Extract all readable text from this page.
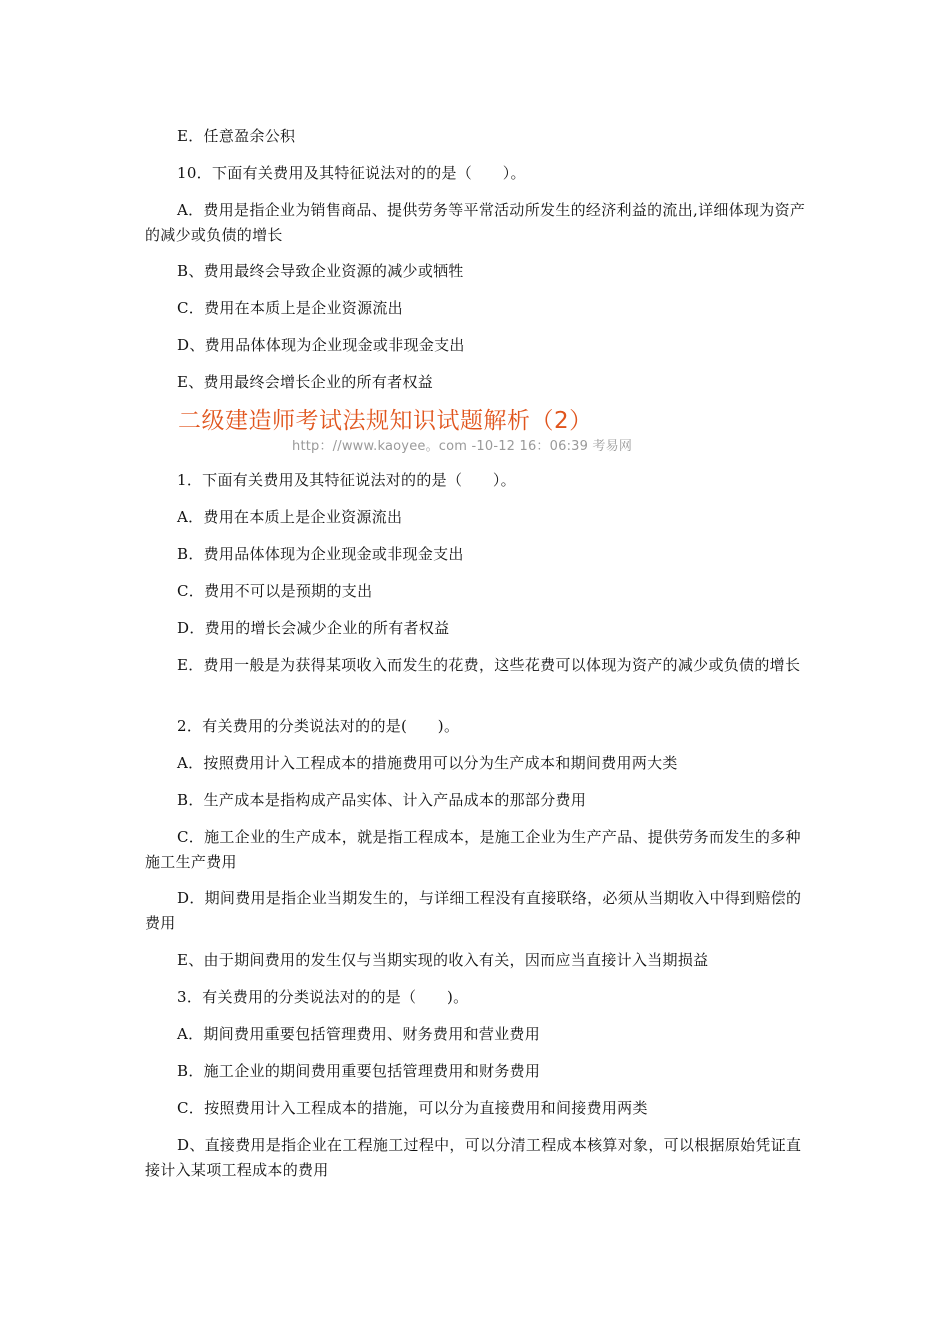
E．任意盈余公积

10．下面有关费用及其特征说法对的的是（　　）。

A．费用是指企业为销售商品、提供劳务等平常活动所发生的经济利益的流出,详细体现为资产的减少或负债的增长

B、费用最终会导致企业资源的减少或牺牲

C．费用在本质上是企业资源流出

D、费用品体体现为企业现金或非现金支出

E、费用最终会增长企业的所有者权益

二级建造师考试法规知识试题解析（2）

http：//www.kaoyee。com -10-12 16：06:39 考易网

1．下面有关费用及其特征说法对的的是（　　）。

A．费用在本质上是企业资源流出

B．费用品体体现为企业现金或非现金支出

C．费用不可以是预期的支出

D．费用的增长会减少企业的所有者权益

E．费用一般是为获得某项收入而发生的花费，这些花费可以体现为资产的减少或负债的增长

2．有关费用的分类说法对的的是(　　)。

A．按照费用计入工程成本的措施费用可以分为生产成本和期间费用两大类

B．生产成本是指构成产品实体、计入产品成本的那部分费用

C．施工企业的生产成本，就是指工程成本，是施工企业为生产产品、提供劳务而发生的多种施工生产费用

D．期间费用是指企业当期发生的，与详细工程没有直接联络，必须从当期收入中得到赔偿的费用

E、由于期间费用的发生仅与当期实现的收入有关，因而应当直接计入当期损益

3．有关费用的分类说法对的的是（　　)。

A．期间费用重要包括管理费用、财务费用和营业费用

B．施工企业的期间费用重要包括管理费用和财务费用

C．按照费用计入工程成本的措施，可以分为直接费用和间接费用两类

D、直接费用是指企业在工程施工过程中，可以分清工程成本核算对象，可以根据原始凭证直接计入某项工程成本的费用
